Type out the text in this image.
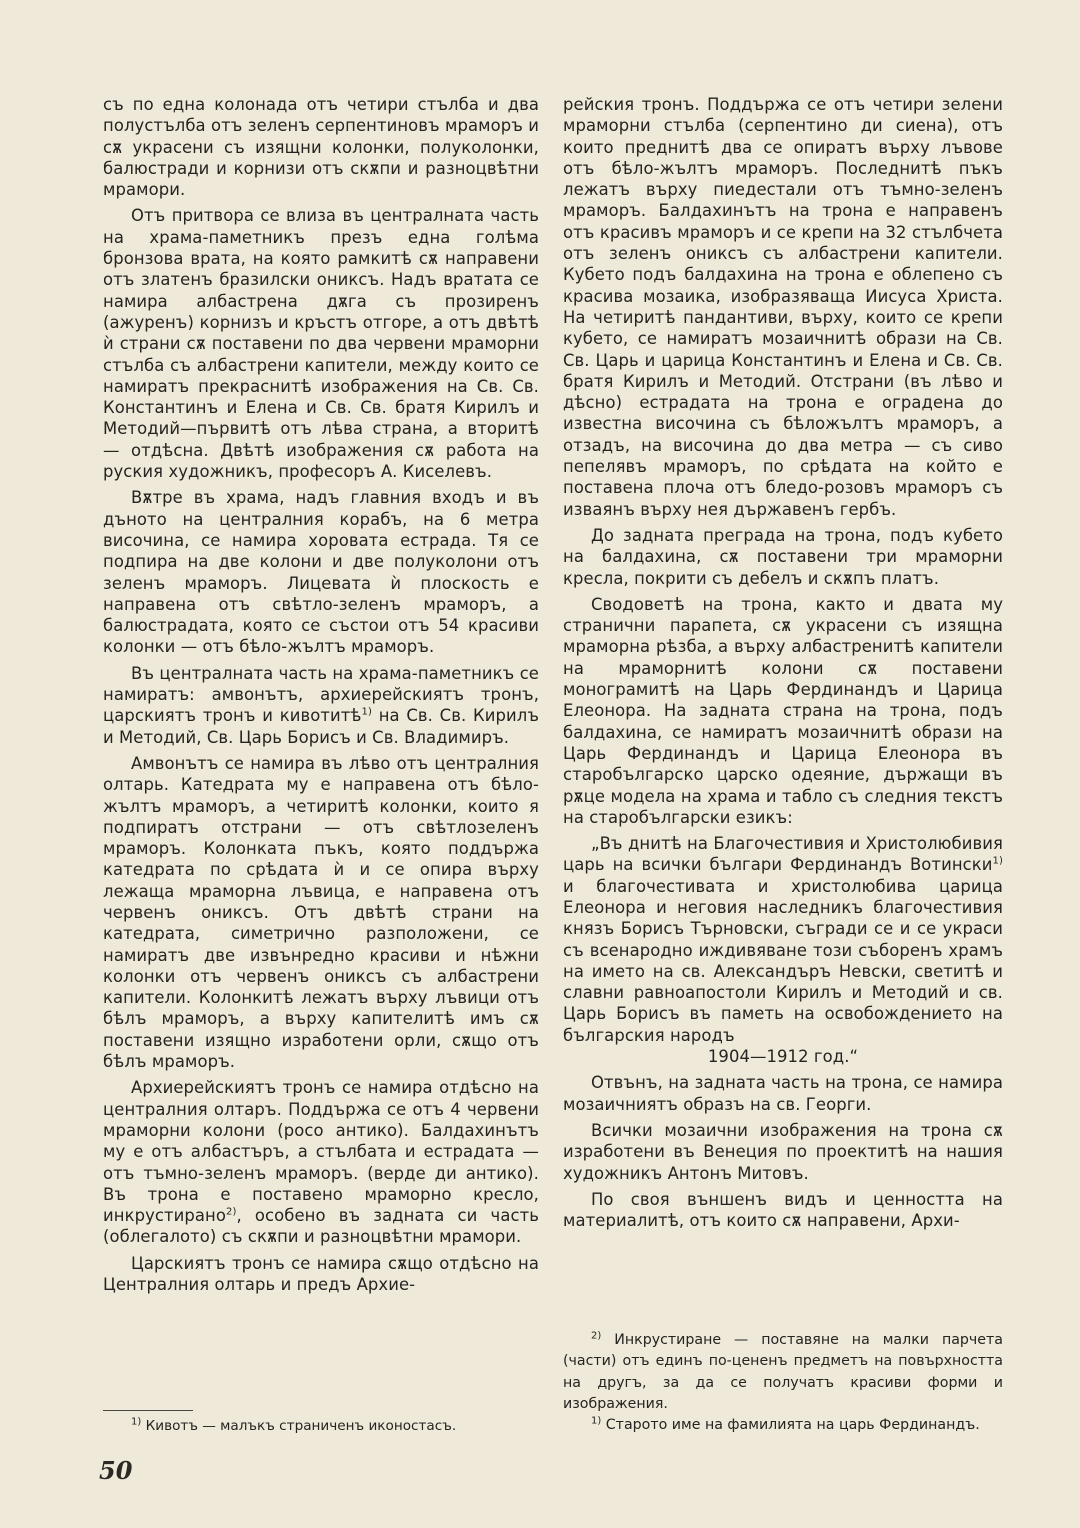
съ по една колонада отъ четири стълба и два полустълба отъ зеленъ серпентиновъ мраморъ и сѫ украсени съ изящни колонки, полуколонки, балюстради и корнизи отъ скѫпи и разноцвѣтни мрамори.

Отъ притвора се влиза въ централната часть на храма-паметникъ презъ една голѣма бронзова врата, на която рамкитѣ сѫ направени отъ златенъ бразилски ониксъ. Надъ вратата се намира албастрена дѫга съ прозиренъ (ажуренъ) корнизъ и кръстъ отгоре, а отъ двѣтѣ ѝ страни сѫ поставени по два червени мраморни стълба съ албастрени капители, между които се намиратъ прекраснитѣ изображения на Св. Св. Константинъ и Елена и Св. Св. братя Кирилъ и Методий—първитѣ отъ лѣва страна, а вторитѣ — отдѣсна. Двѣтѣ изображения сѫ работа на руския художникъ, професоръ А. Киселевъ.

Вѫтре въ храма, надъ главния входъ и въ дъното на централния корабъ, на 6 метра височина, се намира хоровата естрада. Тя се подпира на две колони и две полуколони отъ зеленъ мраморъ. Лицевата ѝ плоскость е направена отъ свѣтло-зеленъ мраморъ, а балюстрадата, която се състои отъ 54 красиви колонки — отъ бѣло-жълтъ мраморъ.

Въ централната часть на храма-паметникъ се намиратъ: амвонътъ, архиерейскиятъ тронъ, царскиятъ тронъ и кивотитѣ$^{1)}$ на Св. Св. Кирилъ и Методий, Св. Царь Борисъ и Св. Владимиръ.

Амвонътъ се намира въ лѣво отъ централния олтарь. Катедрата му е направена отъ бѣло-жълтъ мраморъ, а четиритѣ колонки, които я подпиратъ отстрани — отъ свѣтлозеленъ мраморъ. Колонката пъкъ, която поддържа катедрата по срѣдата ѝ и се опира върху лежаща мраморна лъвица, е направена отъ червенъ ониксъ. Отъ двѣтѣ страни на катедрата, симетрично разположени, се намиратъ две извънредно красиви и нѣжни колонки отъ червенъ ониксъ съ албастрени капители. Колонкитѣ лежатъ върху лъвици отъ бѣлъ мраморъ, а върху капителитѣ имъ сѫ поставени изящно изработени орли, сѫщо отъ бѣлъ мраморъ.

Архиерейскиятъ тронъ се намира отдѣсно на централния олтаръ. Поддържа се отъ 4 червени мраморни колони (росо антико). Балдахинътъ му е отъ албастъръ, а стълбата и естрадата — отъ тъмно-зеленъ мраморъ. (верде ди антико). Въ трона е поставено мраморно кресло, инкрустирано$^{2)}$, особено въ задната си часть (облегалото) съ скѫпи и разноцвѣтни мрамори.

Царскиятъ тронъ се намира сѫщо отдѣсно на Централния олтарь и предъ Архие-

рейския тронъ. Поддържа се отъ четири зелени мраморни стълба (серпентино ди сиена), отъ които преднитѣ два се опиратъ върху лъвове отъ бѣло-жълтъ мраморъ. Последнитѣ пъкъ лежатъ върху пиедестали отъ тъмно-зеленъ мраморъ. Балдахинътъ на трона е направенъ отъ красивъ мраморъ и се крепи на 32 стълбчета отъ зеленъ ониксъ съ албастрени капители. Кубето подъ балдахина на трона е облепено съ красива мозаика, изобразяваща Иисуса Христа. На четиритѣ пандантиви, върху, които се крепи кубето, се намиратъ мозаичнитѣ образи на Св. Св. Царь и царица Константинъ и Елена и Св. Св. братя Кирилъ и Методий. Отстрани (въ лѣво и дѣсно) естрадата на трона е оградена до известна височина съ бѣложълтъ мраморъ, а отзадъ, на височина до два метра — съ сиво пепелявъ мраморъ, по срѣдата на който е поставена плоча отъ бледо-розовъ мраморъ съ изваянъ върху нея държавенъ гербъ.

До задната преграда на трона, подъ кубето на балдахина, сѫ поставени три мраморни кресла, покрити съ дебелъ и скѫпъ платъ.

Сводоветѣ на трона, както и двата му странични парапета, сѫ украсени съ изящна мраморна рѣзба, а върху албастренитѣ капители на мраморнитѣ колони сѫ поставени монограмитѣ на Царь Фердинандъ и Царица Елеонора. На задната страна на трона, подъ балдахина, се намиратъ мозаичнитѣ образи на Царь Фердинандъ и Царица Елеонора въ старобългарско царско одеяние, държащи въ рѫце модела на храма и табло съ следния текстъ на старобългарски езикъ:

„Въ днитѣ на Благочестивия и Христолюбивия царь на всички българи Фердинандъ Вотински$^{1)}$ и благочестивата и христолюбива царица Елеонора и неговия наследникъ благочестивия князъ Борисъ Търновски, съгради се и се украси съ всенародно иждивяване този съборенъ храмъ на името на св. Александъръ Невски, светитѣ и славни равноапостоли Кирилъ и Методий и св. Царь Борисъ въ паметь на освобождението на българския народъ

1904—1912 год.“

Отвънъ, на задната часть на трона, се намира мозаичниятъ образъ на св. Георги.

Всички мозаични изображения на трона сѫ изработени въ Венеция по проектитѣ на нашия художникъ Антонъ Митовъ.

По своя външенъ видъ и ценността на материалитѣ, отъ които сѫ направени, Архи-

$^{2)}$ Инкрустиране — поставяне на малки парчета (части) отъ единъ по-цененъ предметъ на повърхността на другъ, за да се получатъ красиви форми и изображения.

$^{1)}$ Старото име на фамилията на царь Фердинандъ.

$^{1)}$ Кивотъ — малъкъ страниченъ иконостасъ.

50
